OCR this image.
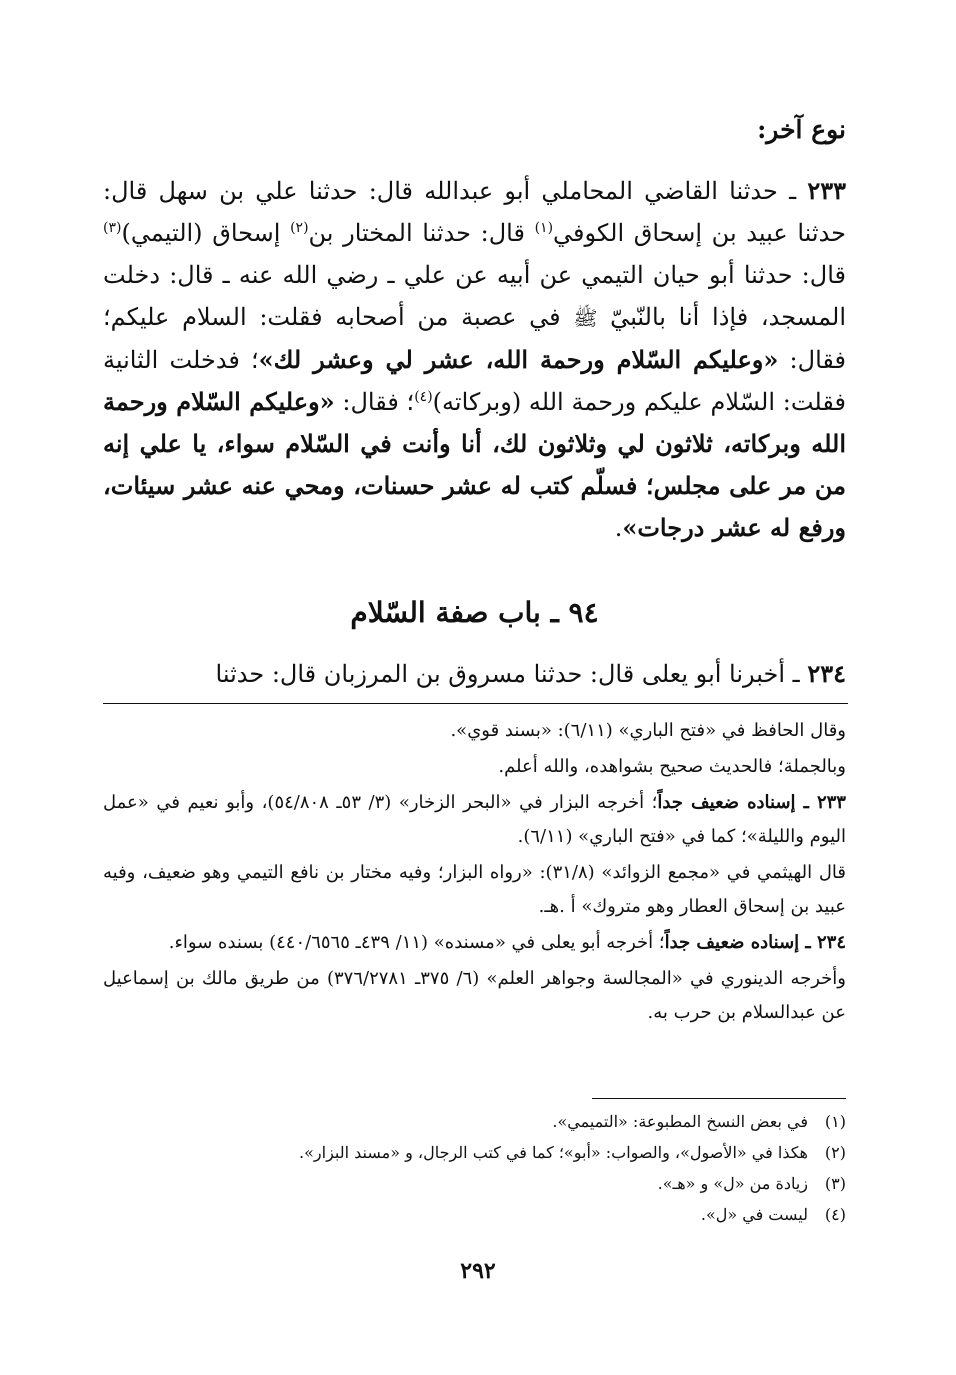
نوع آخر:

٢٣٣ ـ حدثنا القاضي المحاملي أبو عبدالله قال: حدثنا علي بن سهل قال: حدثنا عبيد بن إسحاق الكوفي$^{(١)}$ قال: حدثنا المختار بن$^{(٢)}$ إسحاق (التيمي)$^{(٣)}$ قال: حدثنا أبو حيان التيمي عن أبيه عن علي ـ رضي الله عنه ـ قال: دخلت المسجد، فإذا أنا بالنّبيّ ﷺ في عصبة من أصحابه فقلت: السلام عليكم؛ فقال: «وعليكم السّلام ورحمة الله، عشر لي وعشر لك»؛ فدخلت الثانية فقلت: السّلام عليكم ورحمة الله (وبركاته)$^{(٤)}$؛ فقال: «وعليكم السّلام ورحمة الله وبركاته، ثلاثون لي وثلاثون لك، أنا وأنت في السّلام سواء، يا علي إنه من مر على مجلس؛ فسلّم كتب له عشر حسنات، ومحي عنه عشر سيئات، ورفع له عشر درجات».

٩٤ ـ باب صفة السّلام

٢٣٤ ـ أخبرنا أبو يعلى قال: حدثنا مسروق بن المرزبان قال: حدثنا

وقال الحافظ في «فتح الباري» (٦/١١): «بسند قوي».

وبالجملة؛ فالحديث صحيح بشواهده، والله أعلم.

٢٣٣ ـ إسناده ضعيف جداً؛ أخرجه البزار في «البحر الزخار» (٣/ ٥٣ـ ٥٤/٨٠٨)، وأبو نعيم في «عمل اليوم والليلة»؛ كما في «فتح الباري» (٦/١١).

قال الهيثمي في «مجمع الزوائد» (٣١/٨): «رواه البزار؛ وفيه مختار بن نافع التيمي وهو ضعيف، وفيه عبيد بن إسحاق العطار وهو متروك» أ .هـ.

٢٣٤ ـ إسناده ضعيف جداً؛ أخرجه أبو يعلى في «مسنده» (١١/ ٤٣٩ـ ٤٤٠/٦٥٦٥) بسنده سواء.

وأخرجه الدينوري في «المجالسة وجواهر العلم» (٦/ ٣٧٥ـ ٣٧٦/٢٧٨١) من طريق مالك بن إسماعيل عن عبدالسلام بن حرب به.

(١)
في بعض النسخ المطبوعة: «التميمي».

(٢)
هكذا في «الأصول»، والصواب: «أبو»؛ كما في كتب الرجال، و «مسند البزار».

(٣)
زيادة من «ل» و «هـ».

(٤)
ليست في «ل».

٢٩٢
